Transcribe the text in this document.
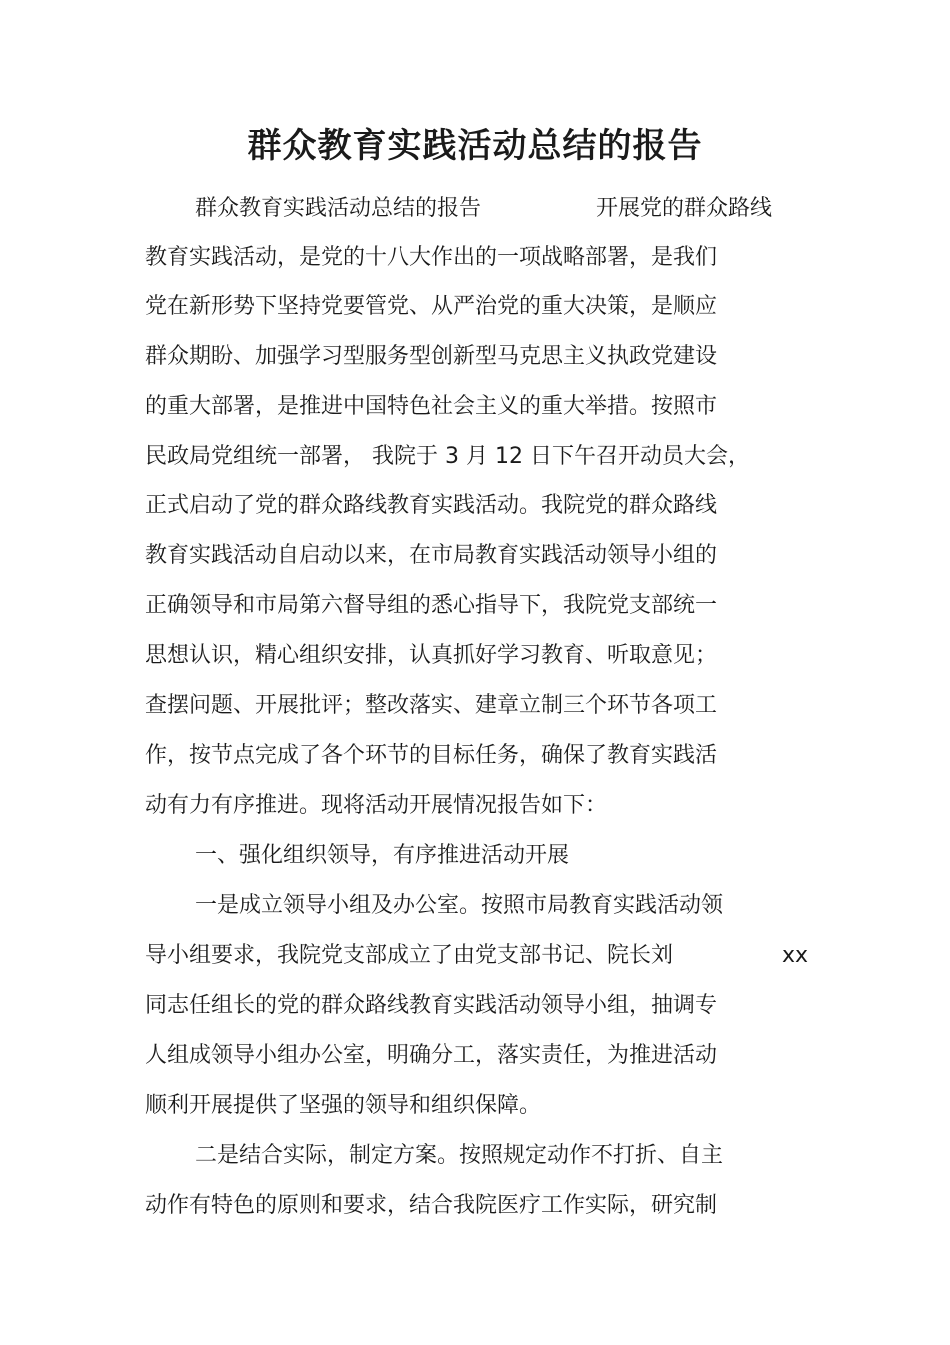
群众教育实践活动总结的报告
群众教育实践活动总结的报告	开展党的群众路线
教育实践活动，是党的十八大作出的一项战略部署，是我们
党在新形势下坚持党要管党、从严治党的重大决策，是顺应
群众期盼、加强学习型服务型创新型马克思主义执政党建设
的重大部署，是推进中国特色社会主义的重大举措。按照市
民政局党组统一部署， 我院于 3 月 12 日下午召开动员大会，
正式启动了党的群众路线教育实践活动。我院党的群众路线
教育实践活动自启动以来，在市局教育实践活动领导小组的
正确领导和市局第六督导组的悉心指导下，我院党支部统一
思想认识，精心组织安排，认真抓好学习教育、听取意见；
查摆问题、开展批评；整改落实、建章立制三个环节各项工
作，按节点完成了各个环节的目标任务，确保了教育实践活
动有力有序推进。现将活动开展情况报告如下：
一、强化组织领导，有序推进活动开展
一是成立领导小组及办公室。按照市局教育实践活动领
导小组要求，我院党支部成立了由党支部书记、院长刘	xx
同志任组长的党的群众路线教育实践活动领导小组，抽调专
人组成领导小组办公室，明确分工，落实责任，为推进活动
顺利开展提供了坚强的领导和组织保障。
二是结合实际，制定方案。按照规定动作不打折、自主
动作有特色的原则和要求，结合我院医疗工作实际，研究制
